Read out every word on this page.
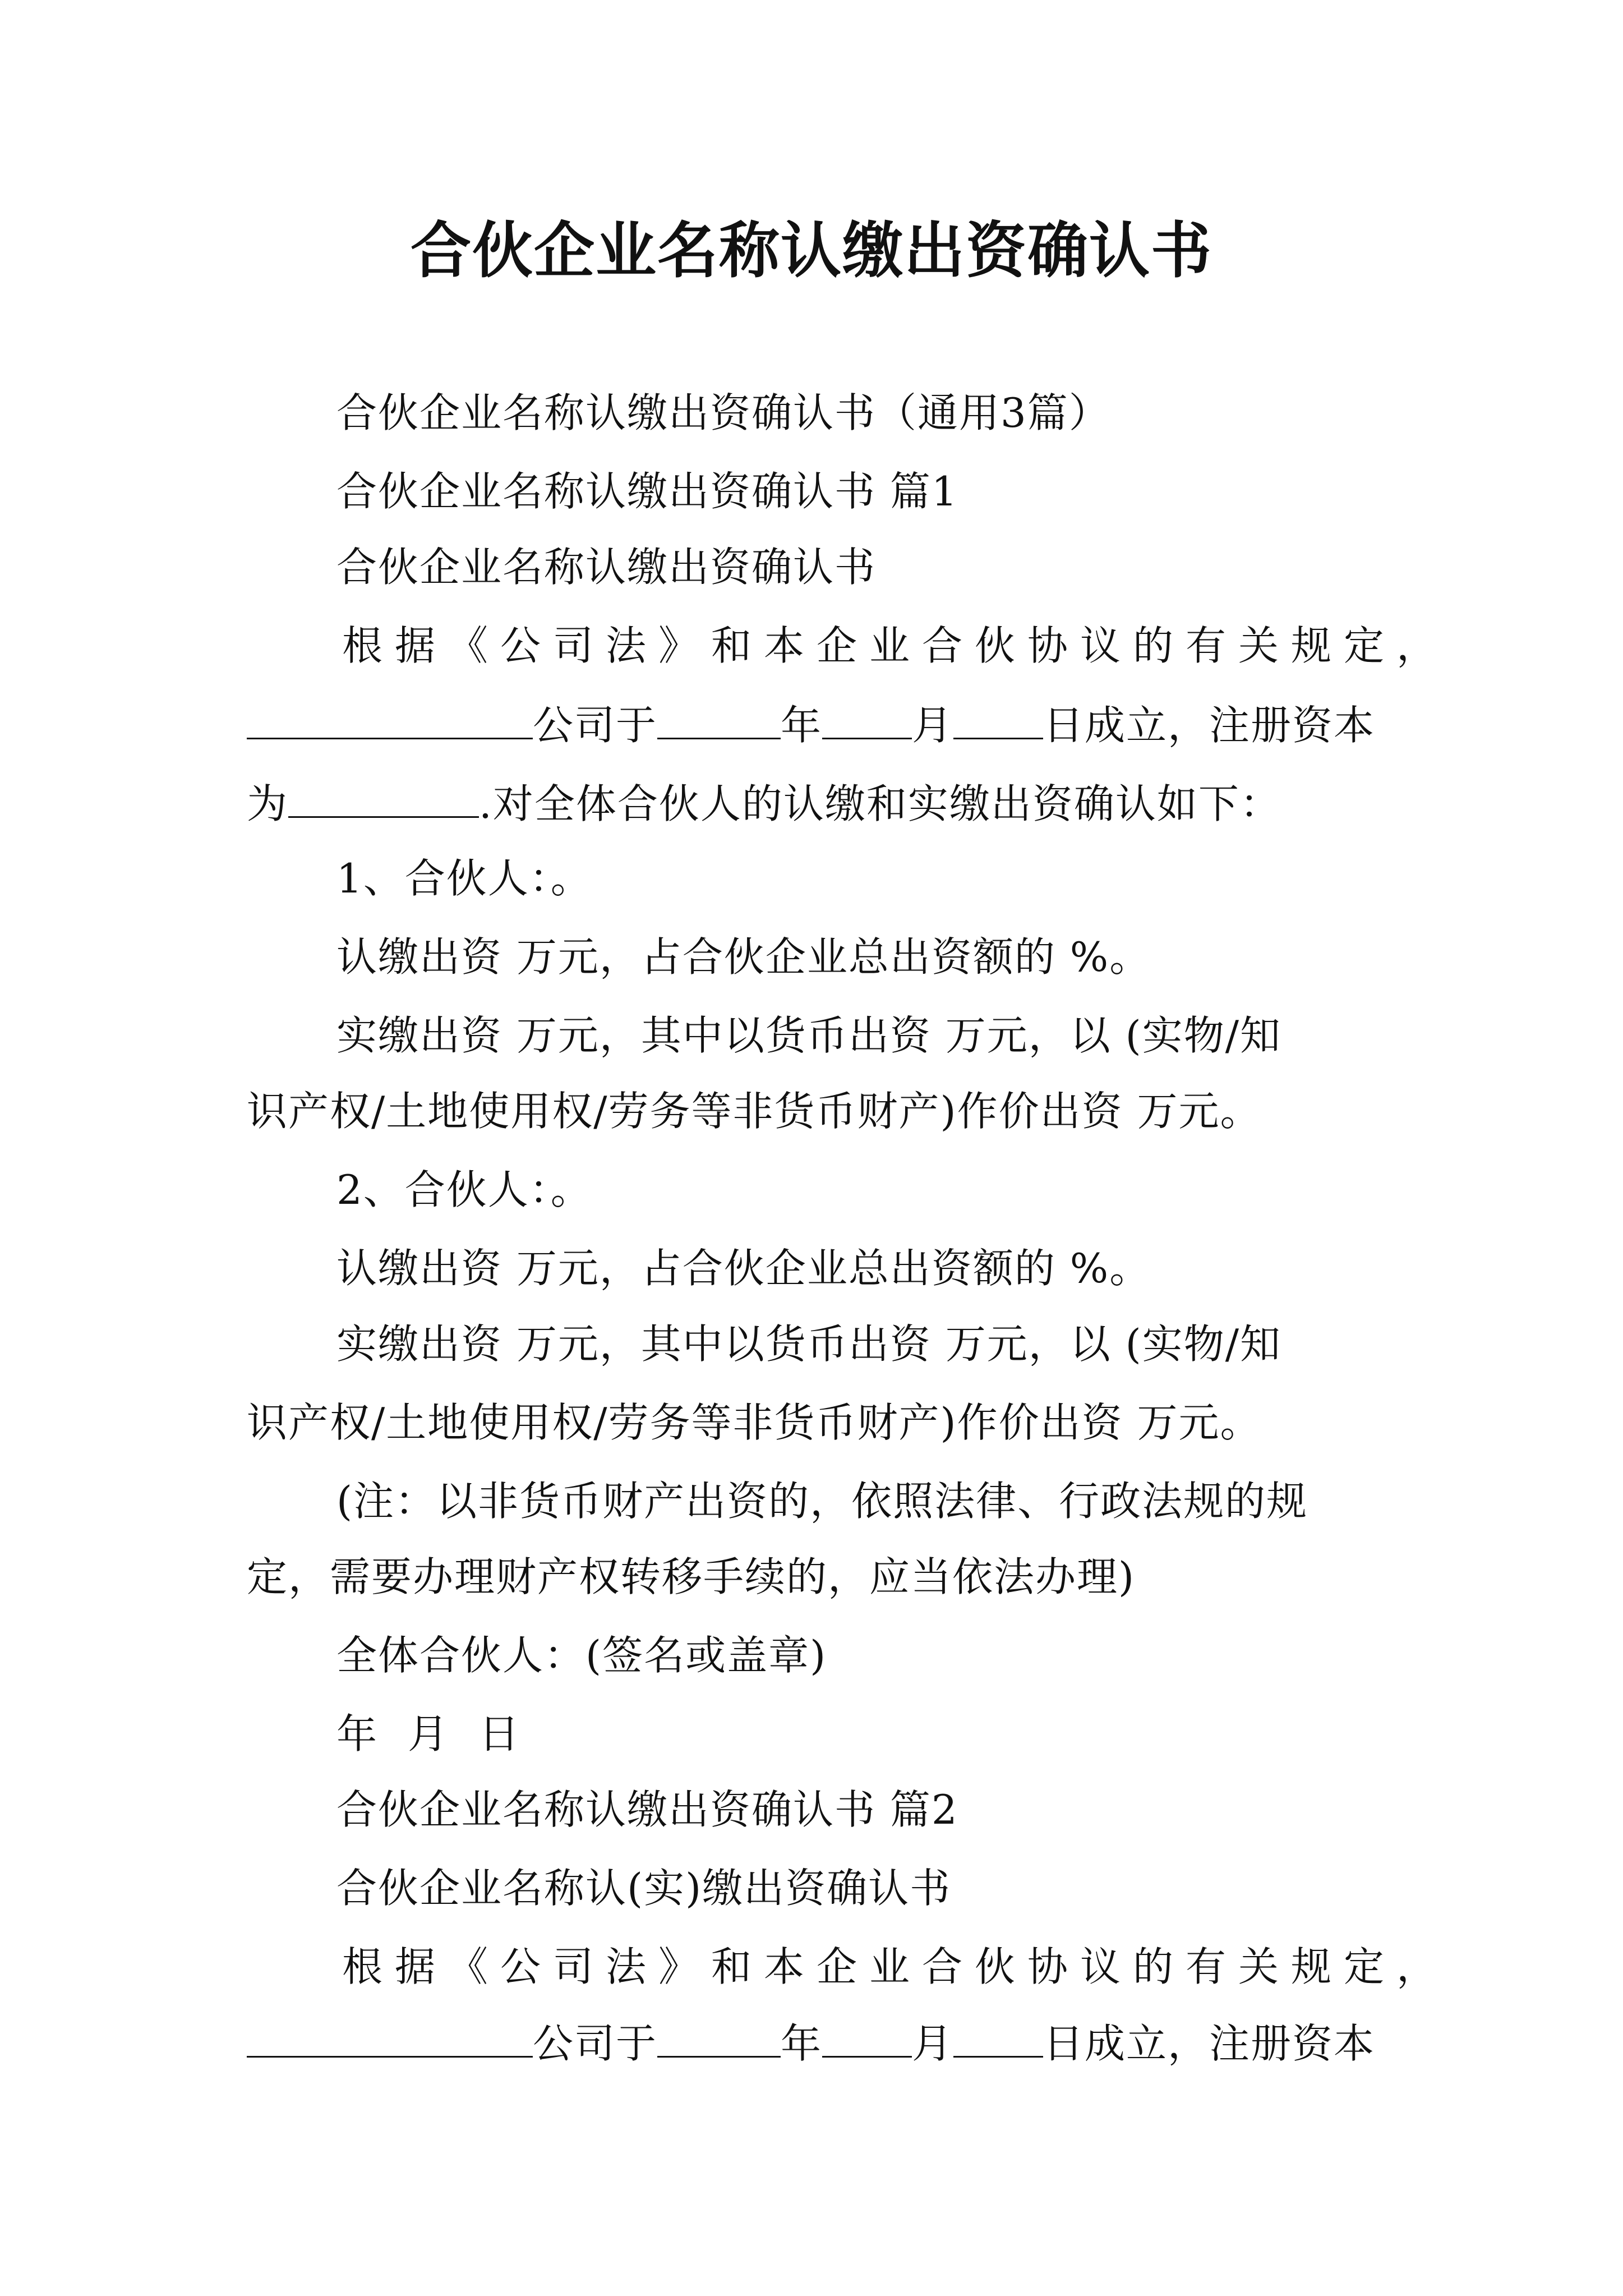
合伙企业名称认缴出资确认书
合伙企业名称认缴出资确认书（通用3篇）
合伙企业名称认缴出资确认书 篇1
合伙企业名称认缴出资确认书
根据《公司法》和本企业合伙协议的有关规定，
公司于	年 月 日成立，注册资本
为	.对全体合伙人的认缴和实缴出资确认如下：
1、合伙人：。
认缴出资 万元，占合伙企业总出资额的 %。
实缴出资 万元，其中以货币出资 万元，以 (实物/知
识产权/土地使用权/劳务等非货币财产)作价出资 万元。
2、合伙人：。
认缴出资 万元，占合伙企业总出资额的 %。
实缴出资 万元，其中以货币出资 万元，以 (实物/知
识产权/土地使用权/劳务等非货币财产)作价出资 万元。
(注：以非货币财产出资的，依照法律、行政法规的规
定，需要办理财产权转移手续的，应当依法办理)
全体合伙人：(签名或盖章)
年 月 日
合伙企业名称认缴出资确认书 篇2
合伙企业名称认(实)缴出资确认书
根据《公司法》和本企业合伙协议的有关规定，
公司于	年 月 日成立，注册资本
